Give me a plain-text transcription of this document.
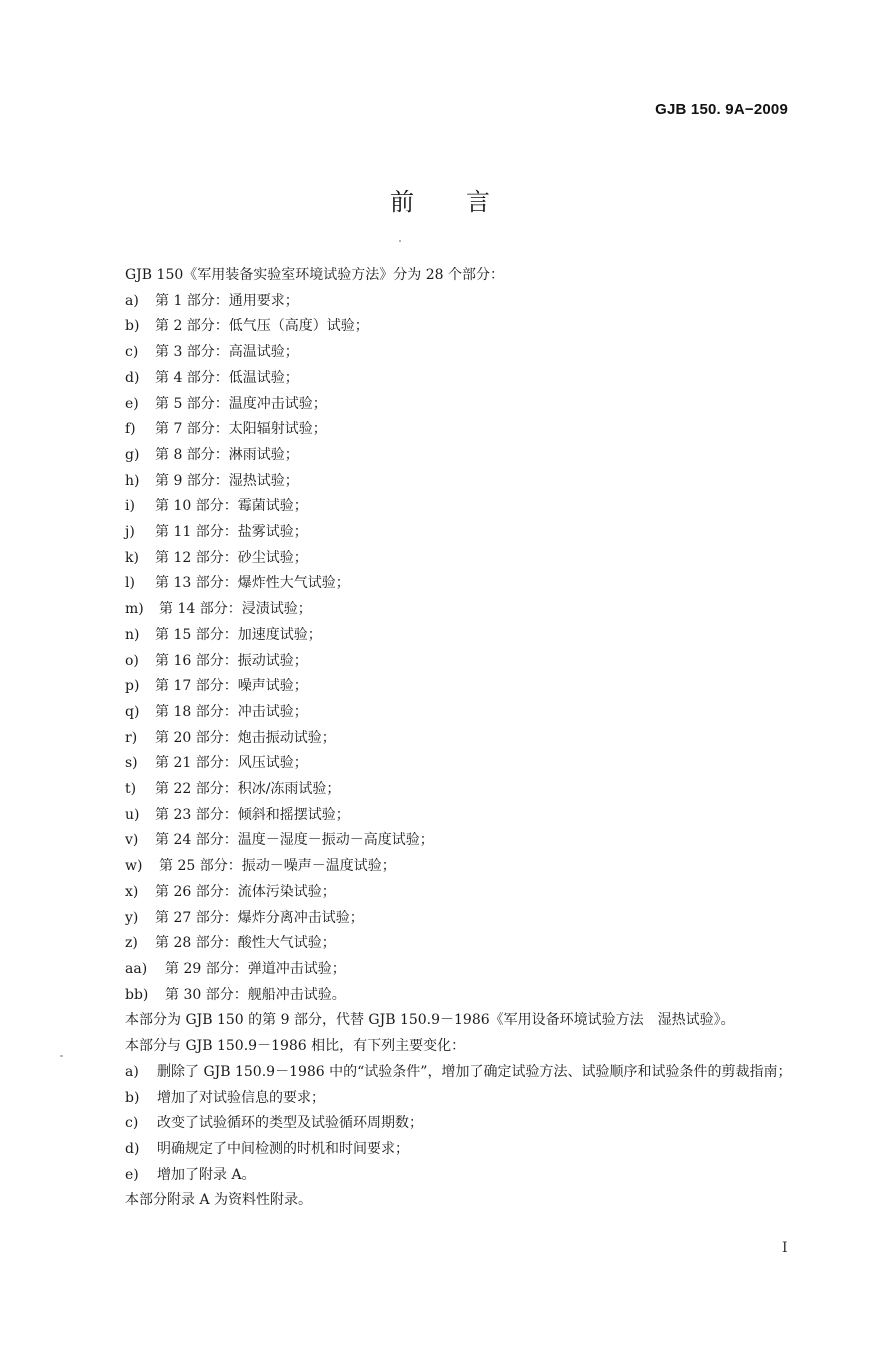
GJB 150. 9A−2009
前言
GJB 150《军用装备实验室环境试验方法》分为 28 个部分：
a)	第 1 部分：通用要求；
b)	第 2 部分：低气压（高度）试验；
c)	第 3 部分：高温试验；
d)	第 4 部分：低温试验；
e)	第 5 部分：温度冲击试验；
f)	第 7 部分：太阳辐射试验；
g)	第 8 部分：淋雨试验；
h)	第 9 部分：湿热试验；
i)	第 10 部分：霉菌试验；
j)	第 11 部分：盐雾试验；
k)	第 12 部分：砂尘试验；
l)	第 13 部分：爆炸性大气试验；
m)	第 14 部分：浸渍试验；
n)	第 15 部分：加速度试验；
o)	第 16 部分：振动试验；
p)	第 17 部分：噪声试验；
q)	第 18 部分：冲击试验；
r)	第 20 部分：炮击振动试验；
s)	第 21 部分：风压试验；
t)	第 22 部分：积冰/冻雨试验；
u)	第 23 部分：倾斜和摇摆试验；
v)	第 24 部分：温度－湿度－振动－高度试验；
w)	第 25 部分：振动－噪声－温度试验；
x)	第 26 部分：流体污染试验；
y)	第 27 部分：爆炸分离冲击试验；
z)	第 28 部分：酸性大气试验；
aa)	第 29 部分：弹道冲击试验；
bb)	第 30 部分：舰船冲击试验。
本部分为 GJB 150 的第 9 部分，代替 GJB 150.9－1986《军用设备环境试验方法　湿热试验》。
本部分与 GJB 150.9－1986 相比，有下列主要变化：
a)	删除了 GJB 150.9－1986 中的“试验条件”，增加了确定试验方法、试验顺序和试验条件的剪裁指南；
b)	增加了对试验信息的要求；
c)	改变了试验循环的类型及试验循环周期数；
d)	明确规定了中间检测的时机和时间要求；
e)	增加了附录 A。
本部分附录 A 为资料性附录。
I
